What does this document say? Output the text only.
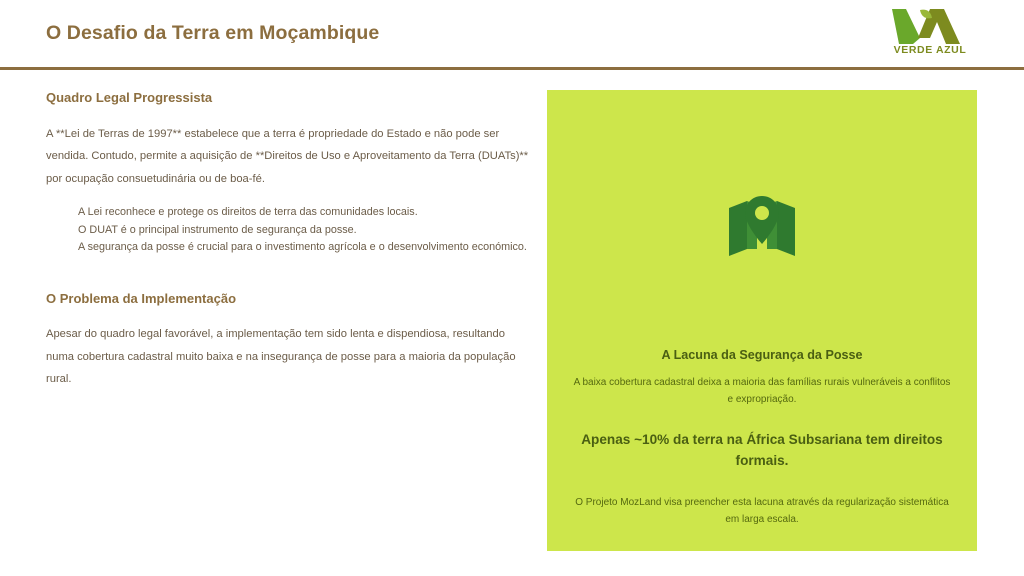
O Desafio da Terra em Moçambique
VERDE AZUL
Quadro Legal Progressista

A **Lei de Terras de 1997** estabelece que a terra é propriedade do Estado e não pode ser vendida. Contudo, permite a aquisição de **Direitos de Uso e Aproveitamento da Terra (DUATs)** por ocupação consuetudinária ou de boa-fé.

A Lei reconhece e protege os direitos de terra das comunidades locais.
O DUAT é o principal instrumento de segurança da posse.
A segurança da posse é crucial para o investimento agrícola e o desenvolvimento económico.
O Problema da Implementação

Apesar do quadro legal favorável, a implementação tem sido lenta e dispendiosa, resultando numa cobertura cadastral muito baixa e na insegurança de posse para a maioria da população rural.

A Lacuna da Segurança da Posse
A baixa cobertura cadastral deixa a maioria das famílias rurais vulneráveis a conflitos e expropriação.
Apenas ~10% da terra na África Subsariana tem direitos formais.
O Projeto MozLand visa preencher esta lacuna através da regularização sistemática em larga escala.
